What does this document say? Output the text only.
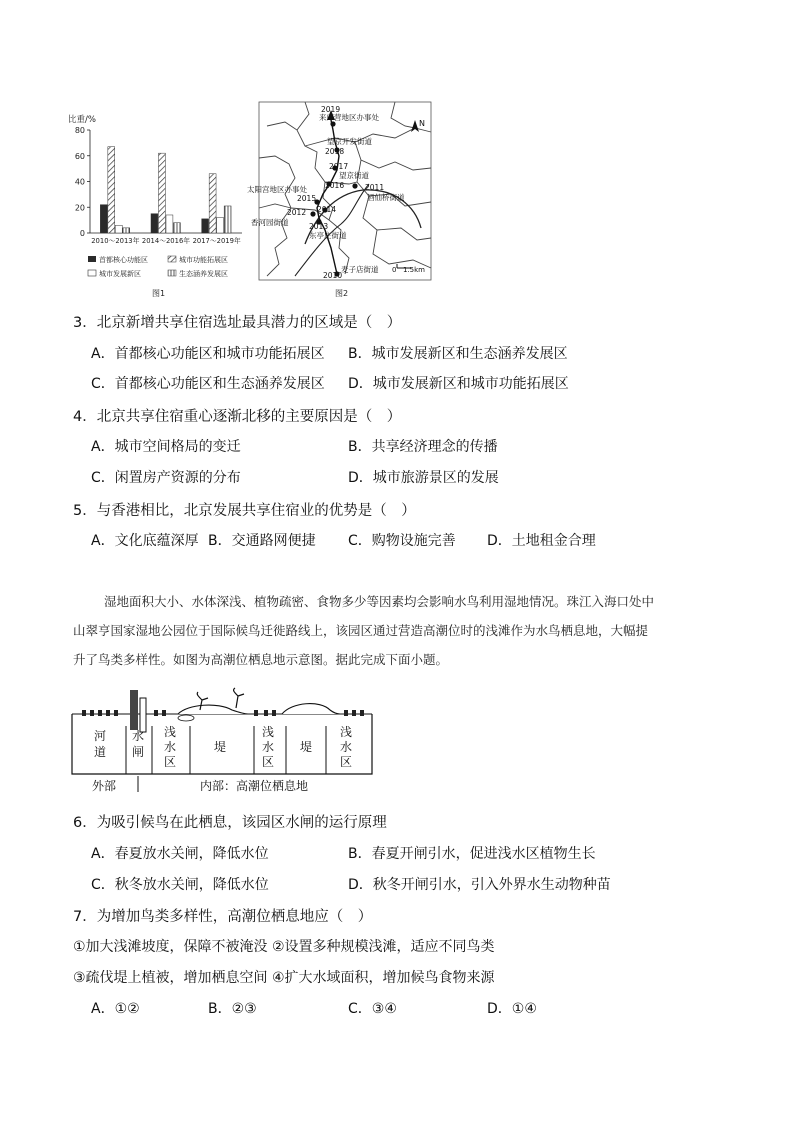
比重/%
0
20
40
60
80
2010～2013年 2014～2016年 2017～2019年
首都核心功能区	城市功能拓展区
城市发展新区	生态涵养发展区
图1
2019
来广营地区办事处
望京开发街道
2018
2017
望京街道
2016
太阳宫地区办事处	2011
2015	酒仙桥街道
2012 2014
香河园街道	2013
东亭庄街道
麦子店街道
2010
N
0 1.5km
图2
3．北京新增共享住宿选址最具潜力的区域是（　）
A．首都核心功能区和城市功能拓展区 B．城市发展新区和生态涵养发展区
C．首都核心功能区和生态涵养发展区 D．城市发展新区和城市功能拓展区
4．北京共享住宿重心逐渐北移的主要原因是（　）
A．城市空间格局的变迁	B．共享经济理念的传播
C．闲置房产资源的分布	D．城市旅游景区的发展
5．与香港相比，北京发展共享住宿业的优势是（　）
A．文化底蕴深厚 B．交通路网便捷 C．购物设施完善 D．土地租金合理
湿地面积大小、水体深浅、植物疏密、食物多少等因素均会影响水鸟利用湿地情况。珠江入海口处中
山翠亨国家湿地公园位于国际候鸟迁徙路线上，该园区通过营造高潮位时的浅滩作为水鸟栖息地，大幅提
升了鸟类多样性。如图为高潮位栖息地示意图。据此完成下面小题。
河
道
水
闸
浅
水
区
堤
浅
水
区
堤
浅
水
区
外部	内部：高潮位栖息地
6．为吸引候鸟在此栖息，该园区水闸的运行原理
A．春夏放水关闸，降低水位	B．春夏开闸引水，促进浅水区植物生长
C．秋冬放水关闸，降低水位	D．秋冬开闸引水，引入外界水生动物种苗
7．为增加鸟类多样性，高潮位栖息地应（　）
①加大浅滩坡度，保障不被淹没 ②设置多种规模浅滩，适应不同鸟类
③疏伐堤上植被，增加栖息空间 ④扩大水域面积，增加候鸟食物来源
A．①②	B．②③	C．③④	D．①④
